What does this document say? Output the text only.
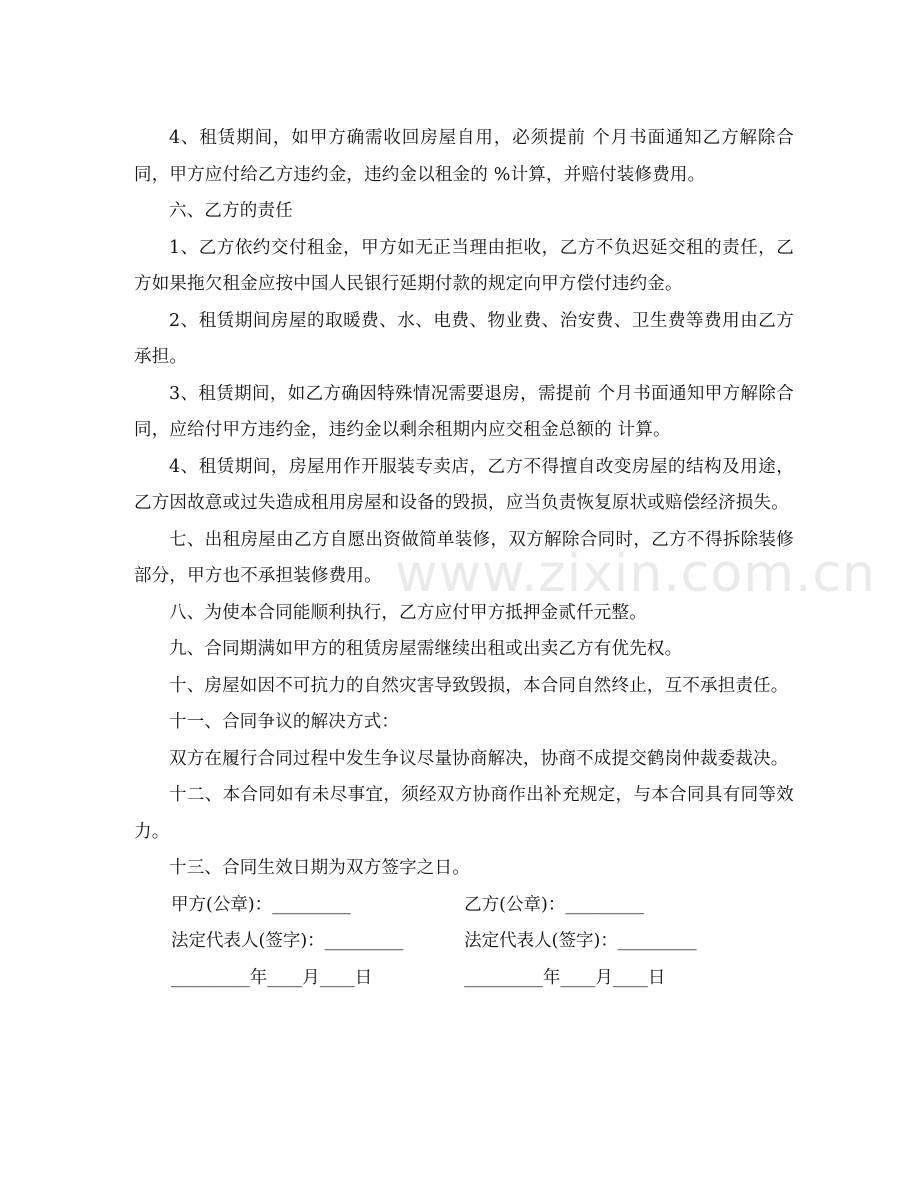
4、租赁期间，如甲方确需收回房屋自用，必须提前 个月书面通知乙方解除合同，甲方应付给乙方违约金，违约金以租金的 %计算，并赔付装修费用。

六、乙方的责任

1、乙方依约交付租金，甲方如无正当理由拒收，乙方不负迟延交租的责任，乙方如果拖欠租金应按中国人民银行延期付款的规定向甲方偿付违约金。

2、租赁期间房屋的取暖费、水、电费、物业费、治安费、卫生费等费用由乙方承担。

3、租赁期间，如乙方确因特殊情况需要退房，需提前 个月书面通知甲方解除合同，应给付甲方违约金，违约金以剩余租期内应交租金总额的 计算。

4、租赁期间，房屋用作开服装专卖店，乙方不得擅自改变房屋的结构及用途，乙方因故意或过失造成租用房屋和设备的毁损，应当负责恢复原状或赔偿经济损失。

七、出租房屋由乙方自愿出资做简单装修，双方解除合同时，乙方不得拆除装修部分，甲方也不承担装修费用。

八、为使本合同能顺利执行，乙方应付甲方抵押金贰仟元整。

九、合同期满如甲方的租赁房屋需继续出租或出卖乙方有优先权。

十、房屋如因不可抗力的自然灾害导致毁损，本合同自然终止，互不承担责任。

十一、合同争议的解决方式：

双方在履行合同过程中发生争议尽量协商解决，协商不成提交鹤岗仲裁委裁决。

十二、本合同如有未尽事宜，须经双方协商作出补充规定，与本合同具有同等效力。

十三、合同生效日期为双方签字之日。

甲方(公章)：_________	乙方(公章)：_________
法定代表人(签字)：_________	法定代表人(签字)：_________
_________年____月____日	_________年____月____日
www.zixin.com.cn
